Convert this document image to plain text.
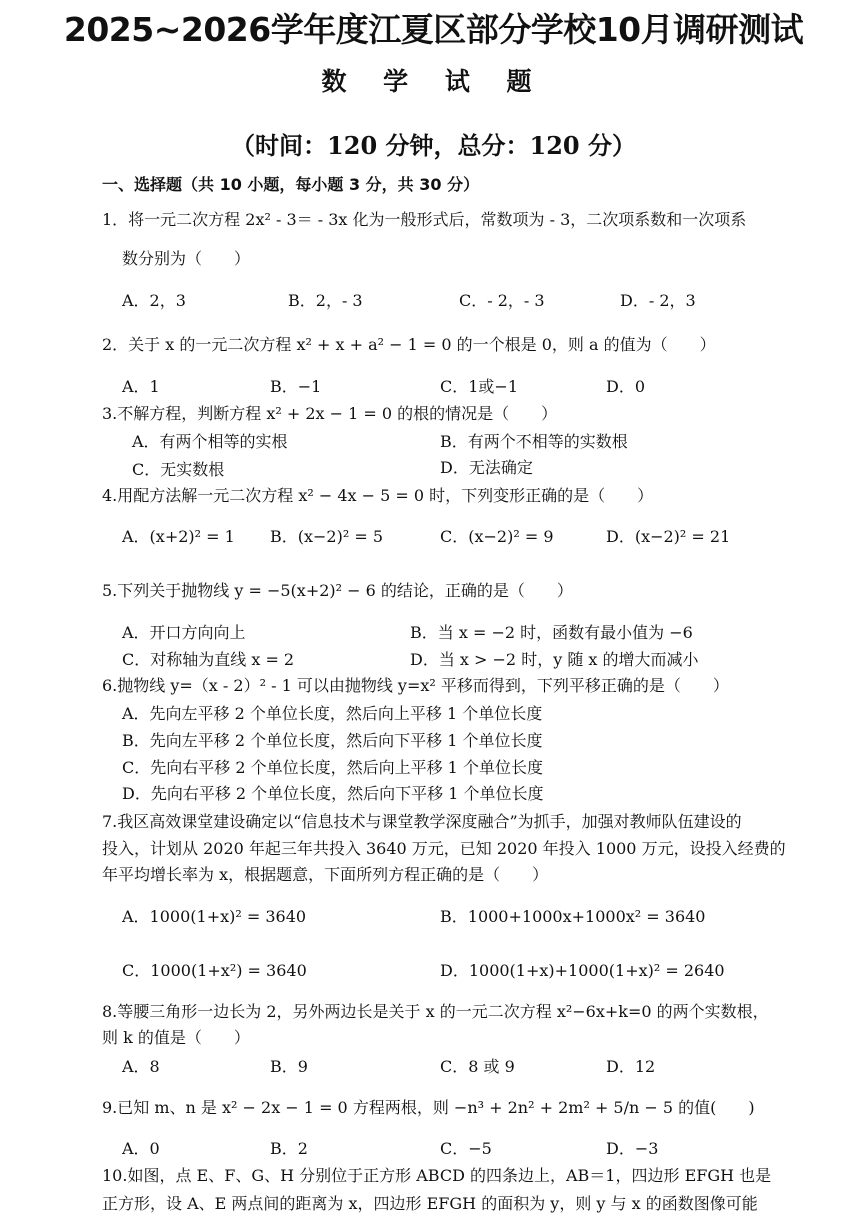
2025~2026学年度江夏区部分学校10月调研测试
数 学 试 题
（时间：120 分钟，总分：120 分）
一、选择题（共 10 小题，每小题 3 分，共 30 分）
1．将一元二次方程 2x² - 3＝ - 3x 化为一般形式后，常数项为 - 3，二次项系数和一次项系
数分别为（　　）
A．2，3	B．2，- 3	C．- 2，- 3	D．- 2，3
2．关于 x 的一元二次方程 x² + x + a² − 1 = 0 的一个根是 0，则 a 的值为（　　）
A．1	B．−1	C．1或−1	D．0
3.不解方程，判断方程 x² + 2x − 1 = 0 的根的情况是（　　）
A．有两个相等的实根	B．有两个不相等的实数根
C．无实数根	D．无法确定
4.用配方法解一元二次方程 x² − 4x − 5 = 0 时，下列变形正确的是（　　）
A．(x+2)² = 1 B．(x−2)² = 5	C．(x−2)² = 9	D．(x−2)² = 21
5.下列关于抛物线 y = −5(x+2)² − 6 的结论，正确的是（　　）
A．开口方向向上	B．当 x = −2 时，函数有最小值为 −6
C．对称轴为直线 x = 2	D．当 x > −2 时，y 随 x 的增大而减小
6.抛物线 y=（x - 2）² - 1 可以由抛物线 y=x² 平移而得到，下列平移正确的是（　　）
A．先向左平移 2 个单位长度，然后向上平移 1 个单位长度
B．先向左平移 2 个单位长度，然后向下平移 1 个单位长度
C．先向右平移 2 个单位长度，然后向上平移 1 个单位长度
D．先向右平移 2 个单位长度，然后向下平移 1 个单位长度
7.我区高效课堂建设确定以“信息技术与课堂教学深度融合”为抓手，加强对教师队伍建设的
投入，计划从 2020 年起三年共投入 3640 万元，已知 2020 年投入 1000 万元，设投入经费的
年平均增长率为 x，根据题意，下面所列方程正确的是（　　）
A．1000(1+x)² = 3640	B．1000+1000x+1000x² = 3640
C．1000(1+x²) = 3640	D．1000(1+x)+1000(1+x)² = 2640
8.等腰三角形一边长为 2，另外两边长是关于 x 的一元二次方程 x²−6x+k=0 的两个实数根，
则 k 的值是（　　）
A．8	B．9	C．8 或 9	D．12
9.已知 m、n 是 x² − 2x − 1 = 0 方程两根，则 −n³ + 2n² + 2m² + 5/n − 5 的值(　　)
A．0	B．2	C．−5	D．−3
10.如图，点 E、F、G、H 分别位于正方形 ABCD 的四条边上，AB＝1，四边形 EFGH 也是
正方形，设 A、E 两点间的距离为 x，四边形 EFGH 的面积为 y，则 y 与 x 的函数图像可能
